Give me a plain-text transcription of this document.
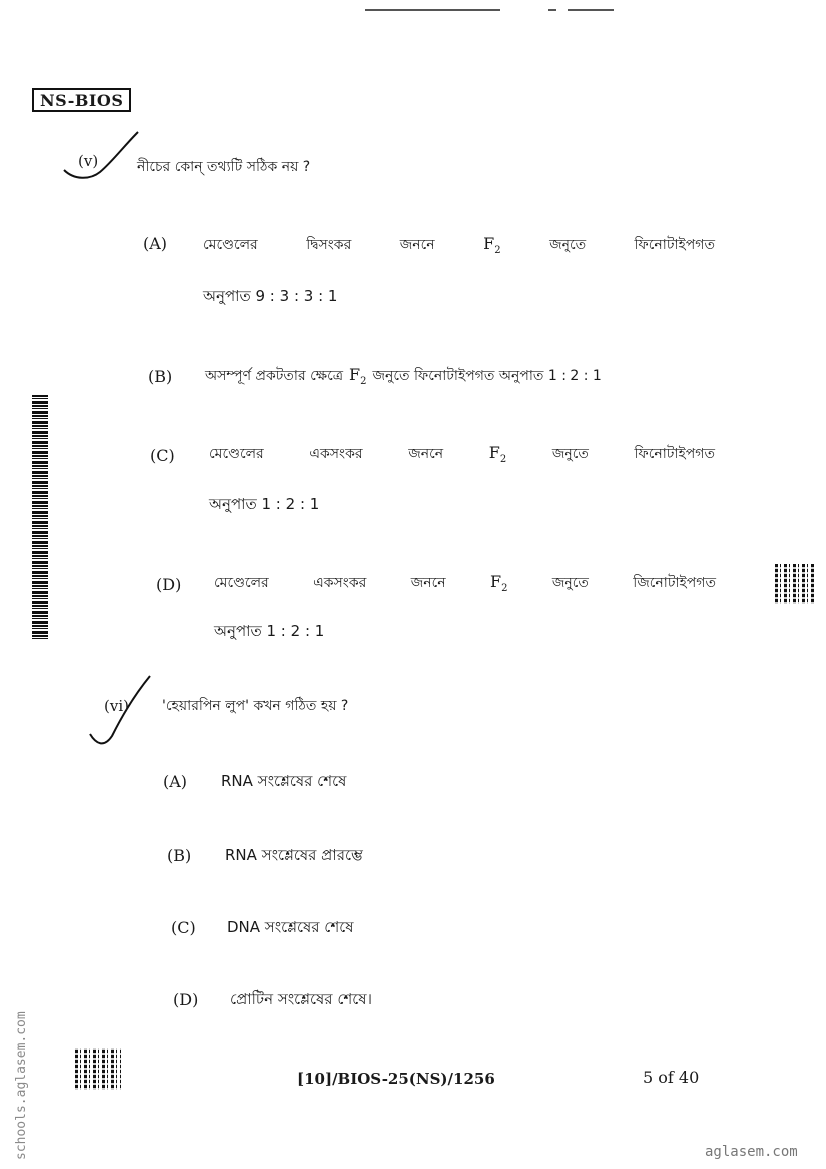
NS-BIOS
(v)	নীচের কোন্ তথ্যটি সঠিক নয় ?
(A)	মেণ্ডেলের	দ্বিসংকর	জননে	$F_2$	জনুতে	ফিনোটাইপগত
অনুপাত 9 : 3 : 3 : 1
(B) অসম্পূর্ণ প্রকটতার ক্ষেত্রে $F_2$ জনুতে ফিনোটাইপগত অনুপাত 1 : 2 : 1
(C) মেণ্ডেলের	একসংকর	জননে	$F_2$	জনুতে	ফিনোটাইপগত
অনুপাত 1 : 2 : 1
(D) মেণ্ডেলের	একসংকর	জননে	$F_2$	জনুতে	জিনোটাইপগত
অনুপাত 1 : 2 : 1
(vi) 'হেয়ারপিন লুপ' কখন গঠিত হয় ?
(A) RNA সংশ্লেষের শেষে
(B) RNA সংশ্লেষের প্রারম্ভে
(C) DNA সংশ্লেষের শেষে
(D) প্রোটিন সংশ্লেষের শেষে।
[10]/BIOS-25(NS)/1256	5 of 40
schools.aglasem.com	aglasem.com
